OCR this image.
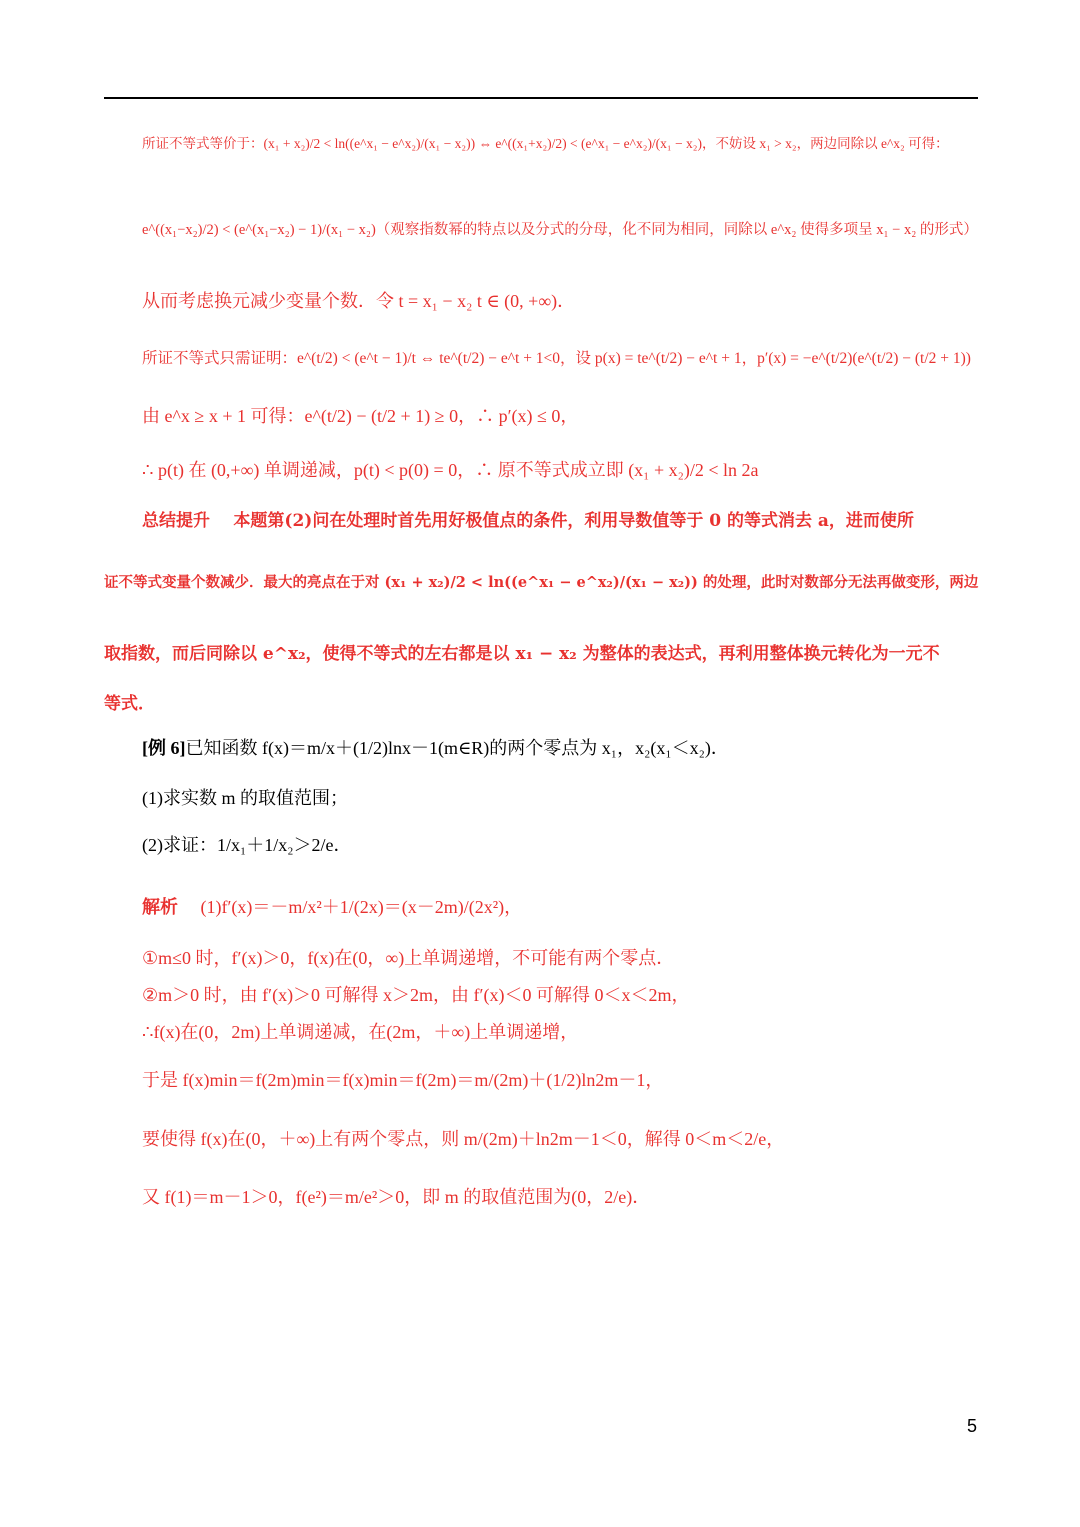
所证不等式等价于：(x₁ + x₂)/2 < ln((e^x₁ − e^x₂)/(x₁ − x₂)) ⇔ e^((x₁+x₂)/2) < (e^x₁ − e^x₂)/(x₁ − x₂)，不妨设 x₁ > x₂，两边同除以 e^x₂ 可得：
e^((x₁−x₂)/2) < (e^(x₁−x₂) − 1)/(x₁ − x₂)（观察指数幂的特点以及分式的分母，化不同为相同，同除以 e^x₂ 使得多项呈 x₁ − x₂ 的形式）
从而考虑换元减少变量个数．令 t = x₁ − x₂ t ∈ (0, +∞)．
所证不等式只需证明：e^(t/2) < (e^t − 1)/t ⇔ te^(t/2) − e^t + 1<0，设 p(x) = te^(t/2) − e^t + 1，p′(x) = −e^(t/2)(e^(t/2) − (t/2 + 1))
由 e^x ≥ x + 1 可得：e^(t/2) − (t/2 + 1) ≥ 0，∴ p′(x) ≤ 0，
∴ p(t) 在 (0,+∞) 单调递减，p(t) < p(0) = 0，∴ 原不等式成立即 (x₁ + x₂)/2 < ln 2a
总结提升 本题第(2)问在处理时首先用好极值点的条件，利用导数值等于 0 的等式消去 a，进而使所
证不等式变量个数减少．最大的亮点在于对 (x₁ + x₂)/2 < ln((e^x₁ − e^x₂)/(x₁ − x₂)) 的处理，此时对数部分无法再做变形，两边
取指数，而后同除以 e^x₂，使得不等式的左右都是以 x₁ − x₂ 为整体的表达式，再利用整体换元转化为一元不
等式．
[例 6]已知函数 f(x)＝m/x＋(1/2)lnx－1(m∈R)的两个零点为 x₁，x₂(x₁＜x₂)．
(1)求实数 m 的取值范围；
(2)求证：1/x₁＋1/x₂＞2/e．
解析 (1)f′(x)＝－m/x²＋1/(2x)＝(x－2m)/(2x²)，
①m≤0 时，f′(x)＞0，f(x)在(0，∞)上单调递增，不可能有两个零点．
②m＞0 时，由 f′(x)＞0 可解得 x＞2m，由 f′(x)＜0 可解得 0＜x＜2m，
∴f(x)在(0，2m)上单调递减，在(2m，＋∞)上单调递增，
于是 f(x)min＝f(2m)min＝f(x)min＝f(2m)＝m/(2m)＋(1/2)ln2m－1，
要使得 f(x)在(0，＋∞)上有两个零点，则 m/(2m)＋ln2m－1＜0，解得 0＜m＜2/e，
又 f(1)＝m－1＞0，f(e²)＝m/e²＞0，即 m 的取值范围为(0，2/e)．
5
